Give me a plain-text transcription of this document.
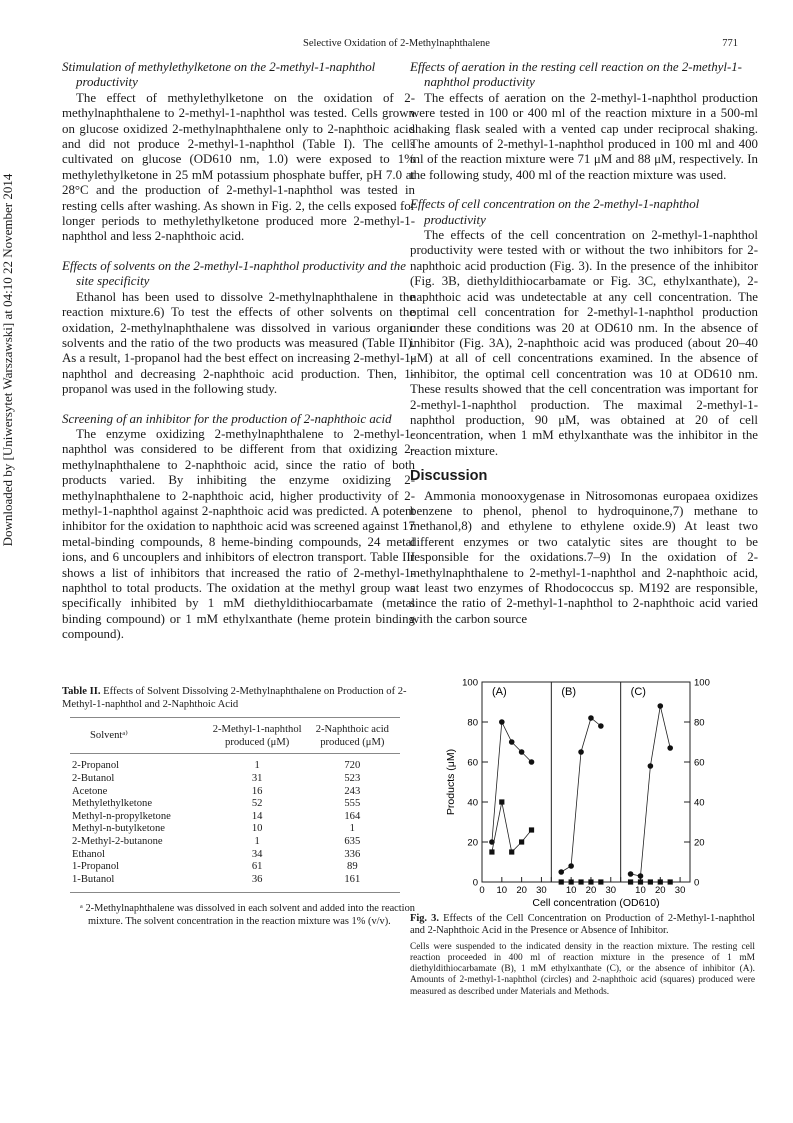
Selective Oxidation of 2-Methylnaphthalene	771
Downloaded by [Uniwersytet Warszawski] at 04:10 22 November 2014
Stimulation of methylethylketone on the 2-methyl-1-naphthol productivity

The effect of methylethylketone on the oxidation of 2-methylnaphthalene to 2-methyl-1-naphthol was tested. Cells grown on glucose oxidized 2-methylnaphthalene only to 2-naphthoic acid and did not produce 2-methyl-1-naphthol (Table I). The cells cultivated on glucose (OD610 nm, 1.0) were exposed to 1% methylethylketone in 25 mM potassium phosphate buffer, pH 7.0 at 28°C and the production of 2-methyl-1-naphthol was tested in resting cells after washing. As shown in Fig. 2, the cells exposed for longer periods to methylethylketone produced more 2-methyl-1-naphthol and less 2-naphthoic acid.

Effects of solvents on the 2-methyl-1-naphthol productivity and the site specificity

Ethanol has been used to dissolve 2-methylnaphthalene in the reaction mixture.6) To test the effects of other solvents on the oxidation, 2-methylnaphthalene was dissolved in various organic solvents and the ratio of the two products was measured (Table II). As a result, 1-propanol had the best effect on increasing 2-methyl-1-naphthol and decreasing 2-naphthoic acid production. Then, 1-propanol was used in the following study.

Screening of an inhibitor for the production of 2-naphthoic acid

The enzyme oxidizing 2-methylnaphthalene to 2-methyl-1-naphthol was considered to be different from that oxidizing 2-methylnaphthalene to 2-naphthoic acid, since the ratio of both products varied. By inhibiting the enzyme oxidizing 2-methylnaphthalene to 2-naphthoic acid, higher productivity of 2-methyl-1-naphthol against 2-naphthoic acid was predicted. A potent inhibitor for the oxidation to naphthoic acid was screened against 17 metal-binding compounds, 8 heme-binding compounds, 24 metal ions, and 6 uncouplers and inhibitors of electron transport. Table III shows a list of inhibitors that increased the ratio of 2-methyl-1-naphthol to total products. The oxidation at the methyl group was specifically inhibited by 1 mM diethyldithiocarbamate (metal binding compound) or 1 mM ethylxanthate (heme protein binding compound).

Effects of aeration in the resting cell reaction on the 2-methyl-1-naphthol productivity

The effects of aeration on the 2-methyl-1-naphthol production were tested in 100 or 400 ml of the reaction mixture in a 500-ml shaking flask sealed with a vented cap under reciprocal shaking. The amounts of 2-methyl-1-naphthol produced in 100 ml and 400 ml of the reaction mixture were 71 μM and 88 μM, respectively. In the following study, 400 ml of the reaction mixture was used.

Effects of cell concentration on the 2-methyl-1-naphthol productivity

The effects of the cell concentration on 2-methyl-1-naphthol productivity were tested with or without the two inhibitors for 2-naphthoic acid production (Fig. 3). In the presence of the inhibitor (Fig. 3B, diethyldithiocarbamate or Fig. 3C, ethylxanthate), 2-naphthoic acid was undetectable at any cell concentration. The optimal cell concentration for 2-methyl-1-naphthol production under these conditions was 20 at OD610 nm. In the absence of inhibitor (Fig. 3A), 2-naphthoic acid was produced (about 20–40 μM) at all of cell concentrations examined. In the absence of inhibitor, the optimal cell concentration was 10 at OD610 nm. These results showed that the cell concentration was important for 2-methyl-1-naphthol production. The maximal 2-methyl-1-naphthol production, 90 μM, was obtained at 20 of cell concentration, when 1 mM ethylxanthate was the inhibitor in the reaction mixture.

Discussion

Ammonia monooxygenase in Nitrosomonas europaea oxidizes benzene to phenol, phenol to hydroquinone,7) methane to methanol,8) and ethylene to ethylene oxide.9) At least two different enzymes or two catalytic sites are thought to be responsible for the oxidations.7–9) In the oxidation of 2-methylnaphthalene to 2-methyl-1-naphthol and 2-naphthoic acid, at least two enzymes of Rhodococcus sp. M192 are responsible, since the ratio of 2-methyl-1-naphthol to 2-naphthoic acid varied with the carbon source

Table II. Effects of Solvent Dissolving 2-Methylnaphthalene on Production of 2-Methyl-1-naphthol and 2-Naphthoic Acid

Solventᵃ⁾	2-Methyl-1-naphthol produced (μM)	2-Naphthoic acid produced (μM)

2-Propanol	1	720
2-Butanol	31	523
Acetone	16	243
Methylethylketone	52	555
Methyl-n-propylketone	14	164
Methyl-n-butylketone	10	1
2-Methyl-2-butanone	1	635
Ethanol	34	336
1-Propanol	61	89
1-Butanol	36	161

ᵃ 2-Methylnaphthalene was dissolved in each solvent and added into the reaction mixture. The solvent concentration in the reaction mixture was 1% (v/v).

0	0
20	20
40	40
60	60
80	80
100	100
Products (μM)
(A)
0 10 20 30
(B)
10 20 30
(C)
10 20 30
Cell concentration (OD610)

Fig. 3. Effects of the Cell Concentration on Production of 2-Methyl-1-naphthol and 2-Naphthoic Acid in the Presence or Absence of Inhibitor.

Cells were suspended to the indicated density in the reaction mixture. The resting cell reaction proceeded in 400 ml of reaction mixture in the presence of 1 mM diethyldithiocarbamate (B), 1 mM ethylxanthate (C), or the absence of inhibitor (A). Amounts of 2-methyl-1-naphthol (circles) and 2-naphthoic acid (squares) produced were measured as described under Materials and Methods.
